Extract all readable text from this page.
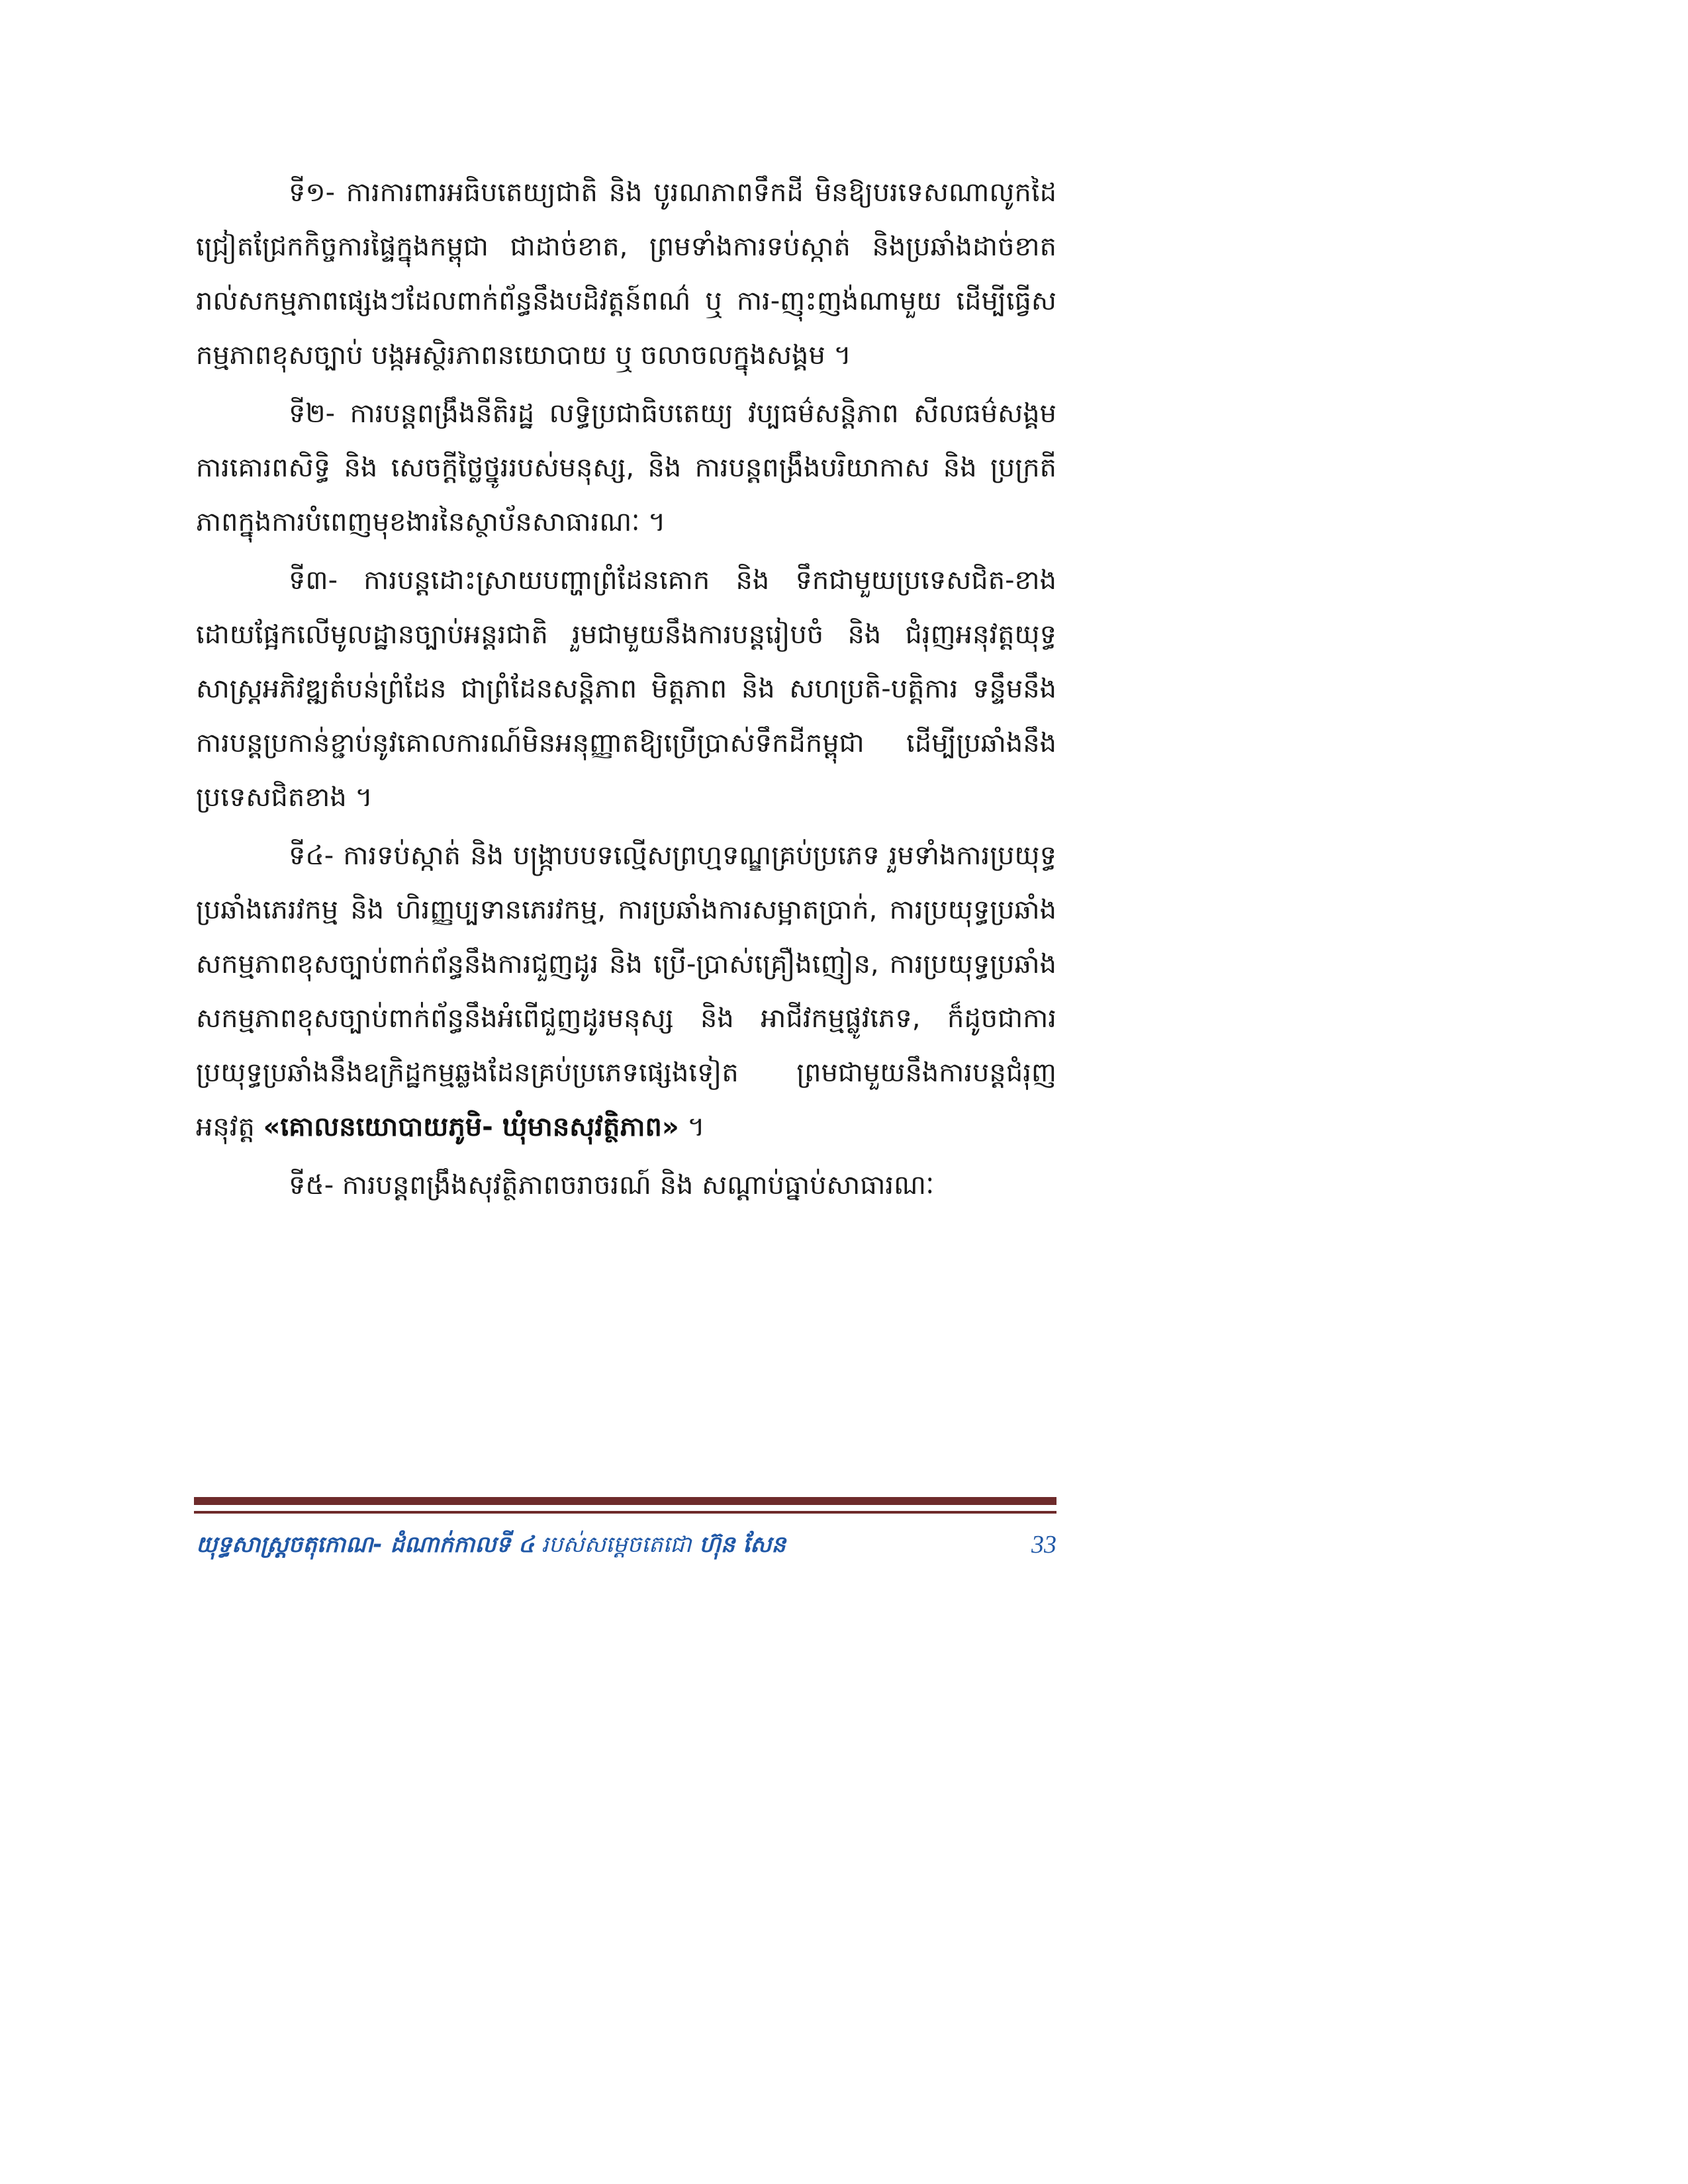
ទី១- ការការពារអធិបតេយ្យជាតិ និង បូរណភាពទឹកដី មិនឱ្យបរទេសណាលូកដៃជ្រៀតជ្រែកកិច្ចការផ្ទៃក្នុងកម្ពុជា ជាដាច់ខាត, ព្រមទាំងការទប់ស្កាត់ និងប្រឆាំងដាច់ខាត រាល់សកម្មភាពផ្សេងៗដែលពាក់ព័ន្ធនឹងបដិវត្តន៍ពណ៌ ឬ ការ-ញុះញង់ណាមួយ ដើម្បីធ្វើសកម្មភាពខុសច្បាប់ បង្កអស្ថិរភាពនយោបាយ ឬ ចលាចលក្នុងសង្គម ។

ទី២- ការបន្តពង្រឹងនីតិរដ្ឋ លទ្ធិប្រជាធិបតេយ្យ វប្បធម៌សន្តិភាព សីលធម៌សង្គម ការគោរពសិទ្ធិ និង សេចក្តីថ្លៃថ្នូររបស់មនុស្ស, និង ការបន្តពង្រឹងបរិយាកាស និង ប្រក្រតីភាពក្នុងការបំពេញមុខងារនៃស្ថាប័នសាធារណៈ ។

ទី៣- ការបន្តដោះស្រាយបញ្ហាព្រំដែនគោក និង ទឹកជាមួយប្រទេសជិត-ខាង ដោយផ្អែកលើមូលដ្ឋានច្បាប់អន្តរជាតិ រួមជាមួយនឹងការបន្តរៀបចំ និង ជំរុញអនុវត្តយុទ្ធសាស្រ្តអភិវឌ្ឍតំបន់ព្រំដែន ជាព្រំដែនសន្តិភាព មិត្តភាព និង សហប្រតិ-បត្តិការ ទន្ទឹមនឹងការបន្តប្រកាន់ខ្ជាប់នូវគោលការណ៍មិនអនុញ្ញាតឱ្យប្រើប្រាស់ទឹកដីកម្ពុជា ដើម្បីប្រឆាំងនឹងប្រទេសជិតខាង ។

ទី៤- ការទប់ស្កាត់ និង បង្រ្កាបបទល្មើសព្រហ្មទណ្ឌគ្រប់ប្រភេទ រួមទាំងការប្រយុទ្ធប្រឆាំងភេរវកម្ម និង ហិរញ្ញប្បទានភេរវកម្ម, ការប្រឆាំងការសម្អាតប្រាក់, ការប្រយុទ្ធប្រឆាំងសកម្មភាពខុសច្បាប់ពាក់ព័ន្ធនឹងការជួញដូរ និង ប្រើ-ប្រាស់គ្រឿងញៀន, ការប្រយុទ្ធប្រឆាំងសកម្មភាពខុសច្បាប់ពាក់ព័ន្ធនឹងអំពើជួញដូរមនុស្ស និង អាជីវកម្មផ្លូវភេទ, ក៏ដូចជាការប្រយុទ្ធប្រឆាំងនឹងឧក្រិដ្ឋកម្មឆ្លងដែនគ្រប់ប្រភេទផ្សេងទៀត ព្រមជាមួយនឹងការបន្តជំរុញអនុវត្ត «គោលនយោបាយភូមិ- ឃុំមានសុវត្ថិភាព» ។

ទី៥- ការបន្តពង្រឹងសុវត្ថិភាពចរាចរណ៍ និង សណ្តាប់ធ្នាប់សាធារណៈ

យុទ្ធសាស្រ្តចតុកោណ- ដំណាក់កាលទី ៤ របស់សម្តេចតេជោ ហ៊ុន សែន	33
